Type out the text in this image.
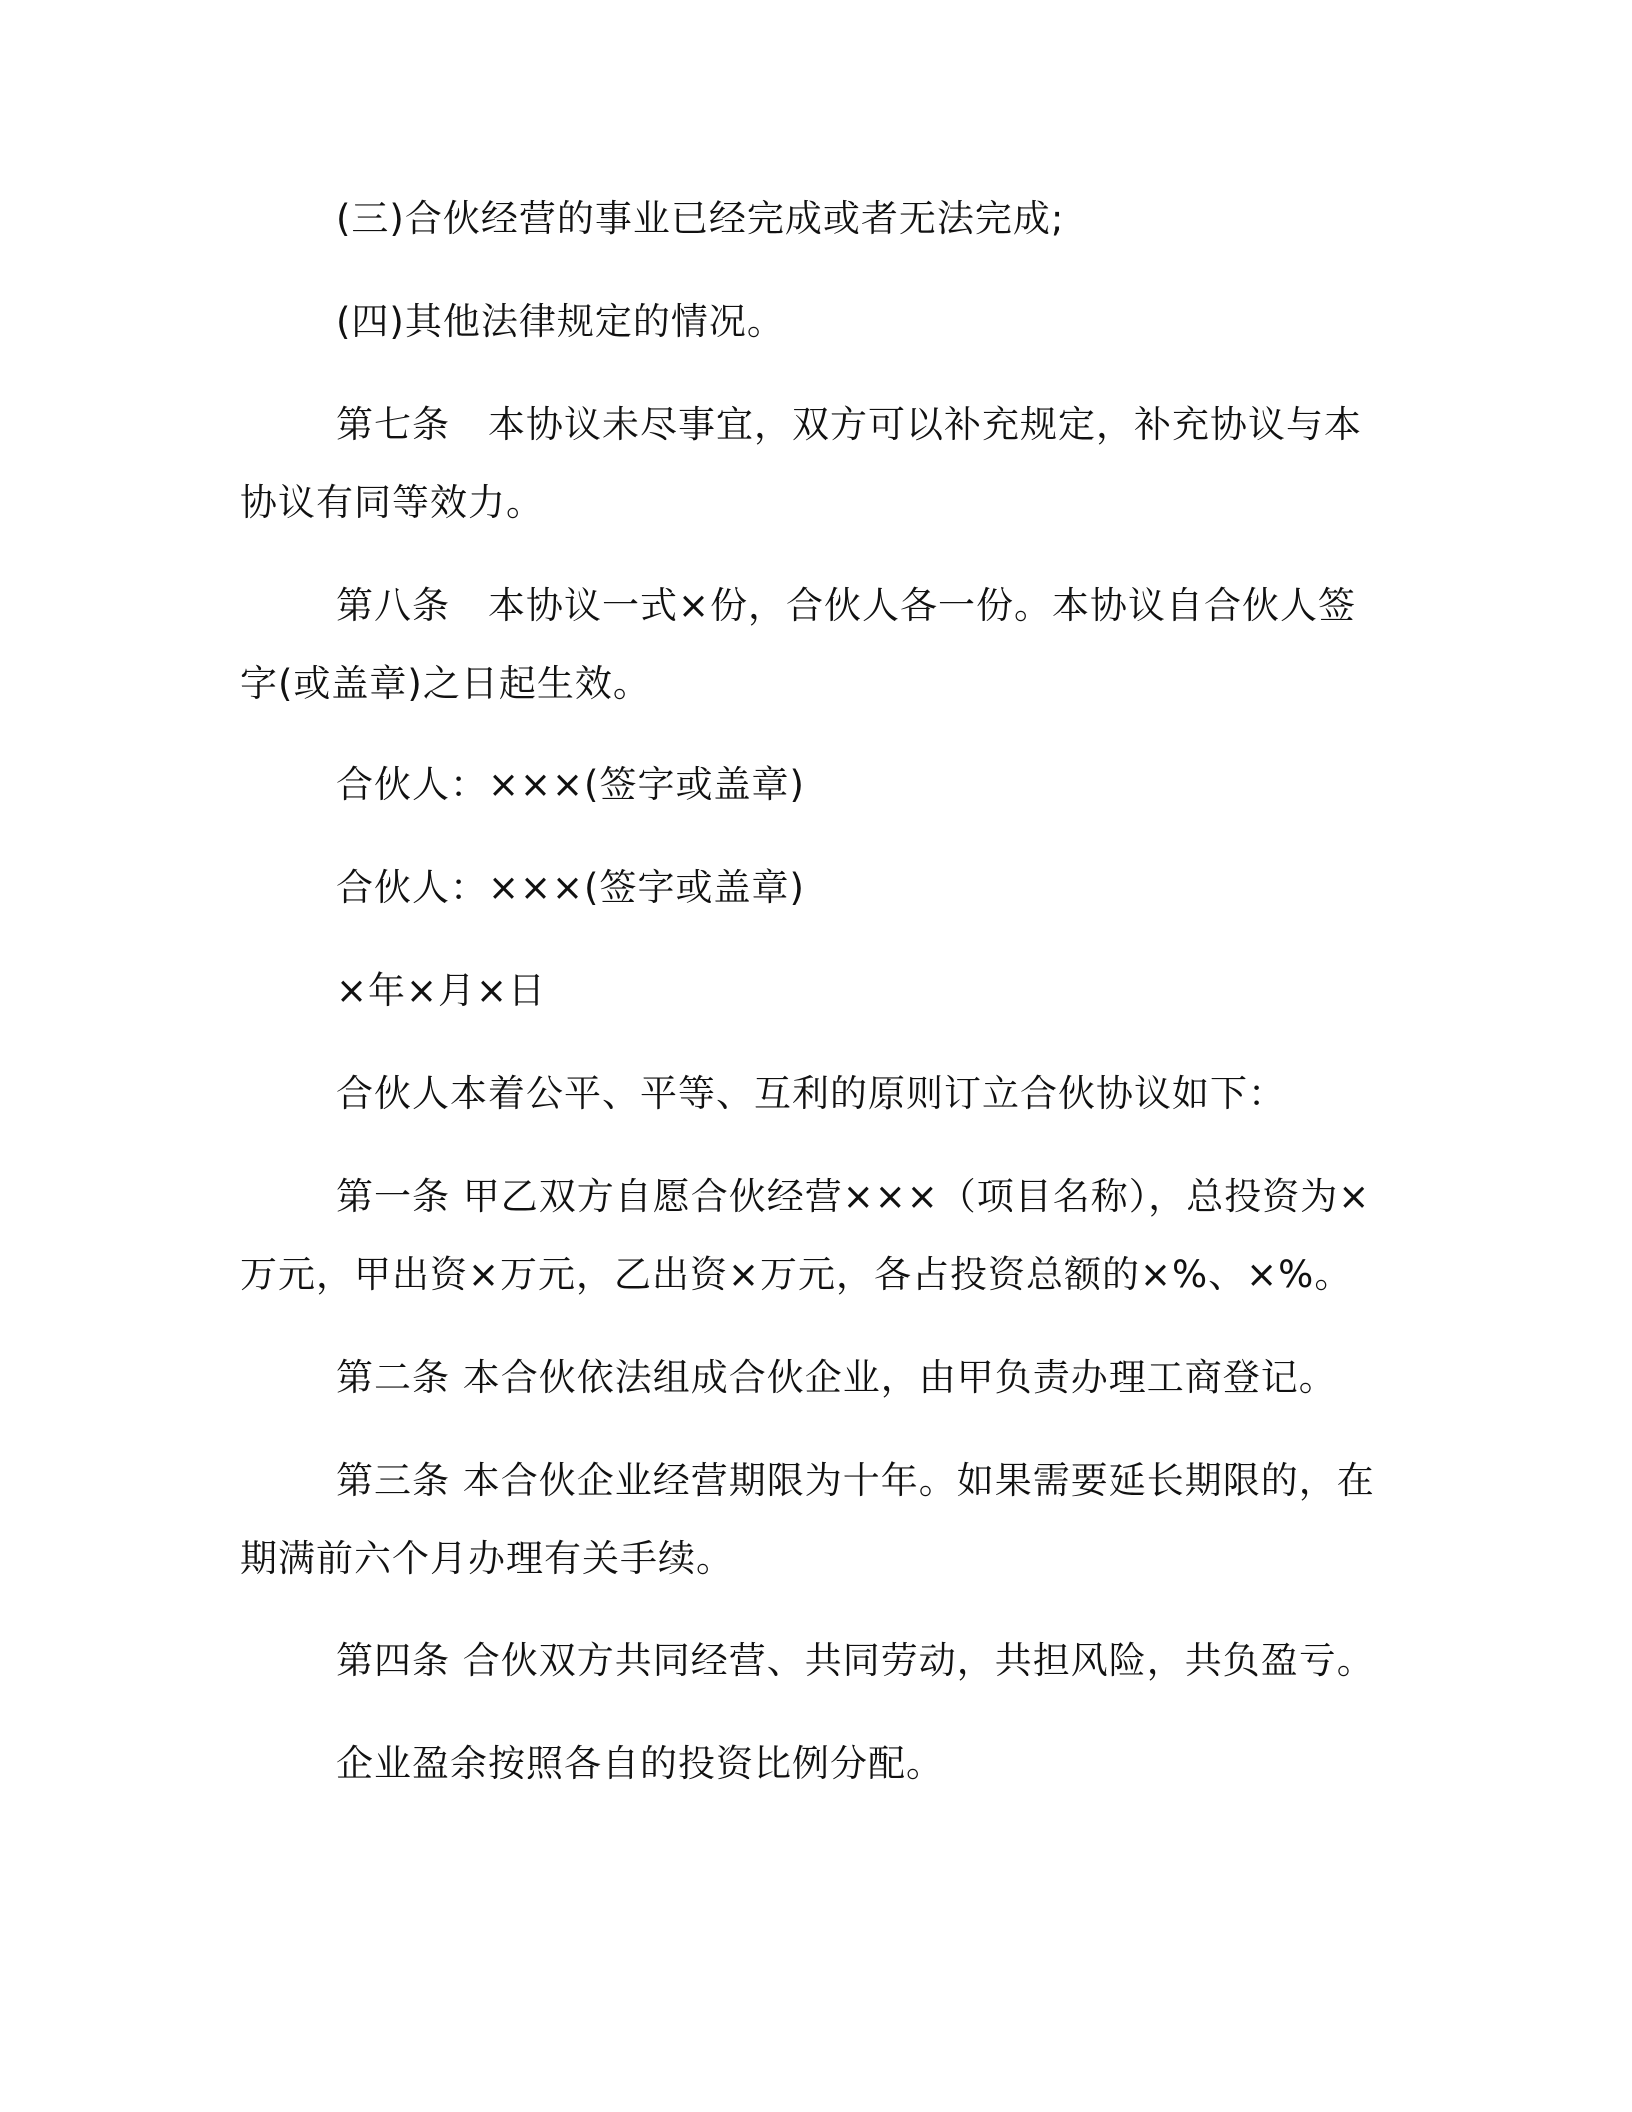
(三)合伙经营的事业已经完成或者无法完成;

(四)其他法律规定的情况。

第七条　本协议未尽事宜，双方可以补充规定，补充协议与本协议有同等效力。

第八条　本协议一式×份，合伙人各一份。本协议自合伙人签字(或盖章)之日起生效。

合伙人：×××(签字或盖章)

合伙人：×××(签字或盖章)

×年×月×日

合伙人本着公平、平等、互利的原则订立合伙协议如下：

第一条 甲乙双方自愿合伙经营×××（项目名称），总投资为×万元，甲出资×万元，乙出资×万元，各占投资总额的×%、×%。

第二条 本合伙依法组成合伙企业，由甲负责办理工商登记。

第三条 本合伙企业经营期限为十年。如果需要延长期限的，在期满前六个月办理有关手续。

第四条 合伙双方共同经营、共同劳动，共担风险，共负盈亏。

企业盈余按照各自的投资比例分配。
